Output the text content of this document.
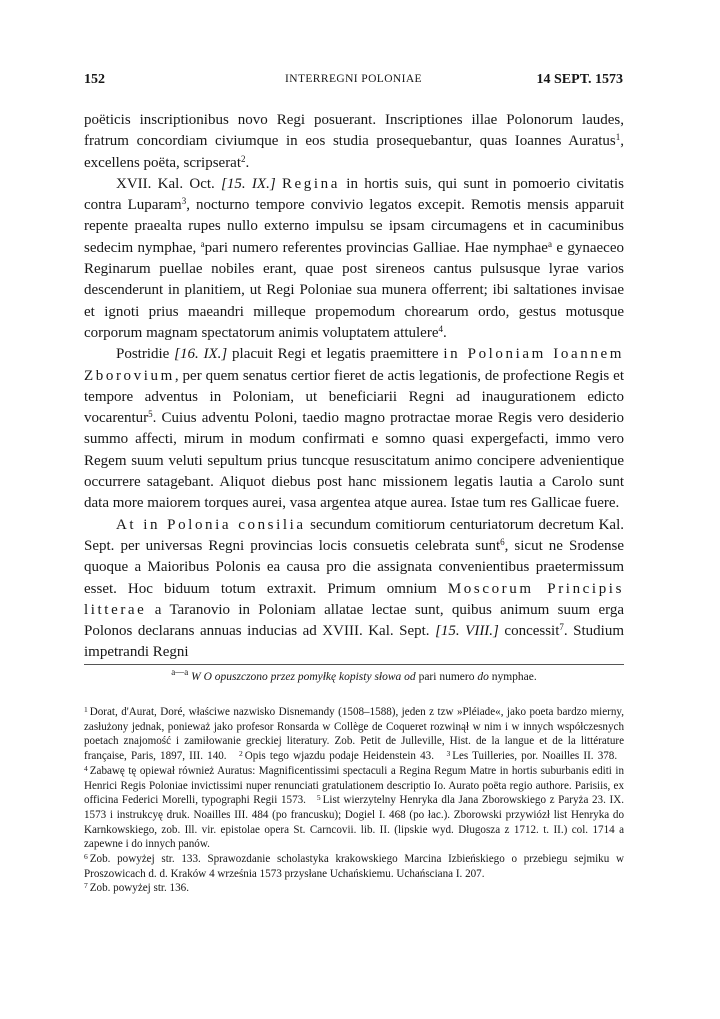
152	INTERREGNI POLONIAE	14 SEPT. 1573

poëticis inscriptionibus novo Regi posuerant. Inscriptiones illae Polonorum laudes, fratrum concordiam civiumque in eos studia prosequebantur, quas Ioannes Auratus$^1$, excellens poëta, scripserat$^2$.

XVII. Kal. Oct. [15. IX.] Regina in hortis suis, qui sunt in pomoerio civitatis contra Luparam$^3$, nocturno tempore convivio legatos excepit. Remotis mensis apparuit repente praealta rupes nullo externo impulsu se ipsam circumagens et in cacuminibus sedecim nymphae, $^a$pari numero referentes provincias Galliae. Hae nymphae$^a$ e gynaeceo Reginarum puellae nobiles erant, quae post sireneos cantus pulsusque lyrae varios descenderunt in planitiem, ut Regi Poloniae sua munera offerrent; ibi saltationes invisae et ignoti prius maeandri milleque propemodum chorearum ordo, gestus motusque corporum magnam spectatorum animis voluptatem attulere$^4$.

Postridie [16. IX.] placuit Regi et legatis praemittere in Poloniam Ioannem Zborovium, per quem senatus certior fieret de actis legationis, de profectione Regis et tempore adventus in Poloniam, ut beneficiarii Regni ad inaugurationem edicto vocarentur$^5$. Cuius adventu Poloni, taedio magno protractae morae Regis vero desiderio summo affecti, mirum in modum confirmati e somno quasi expergefacti, immo vero Regem suum veluti sepultum prius tuncque resuscitatum animo concipere advenientique occurrere satagebant. Aliquot diebus post hanc missionem legatis lautia a Carolo sunt data more maiorem torques aurei, vasa argentea atque aurea. Istae tum res Gallicae fuere.

At in Polonia consilia secundum comitiorum centuriatorum decretum Kal. Sept. per universas Regni provincias locis consuetis celebrata sunt$^6$, sicut ne Srodense quoque a Maioribus Polonis ea causa pro die assignata convenientibus praetermissum esset. Hoc biduum totum extraxit. Primum omnium Moscorum Principis litterae a Taranovio in Poloniam allatae lectae sunt, quibus animum suum erga Polonos declarans annuas inducias ad XVIII. Kal. Sept. [15. VIII.] concessit$^7$. Studium impetrandi Regni

$^{a—a}$ W O opuszczono przez pomyłkę kopisty słowa od pari numero do nymphae.

$^1$ Dorat, d'Aurat, Doré, właściwe nazwisko Disnemandy (1508–1588), jeden z tzw »Pléiade«, jako poeta bardzo mierny, zasłużony jednak, ponieważ jako profesor Ronsarda w Collège de Coqueret rozwinął w nim i w innych współczesnych poetach znajomość i zamiłowanie greckiej literatury. Zob. Petit de Julleville, Hist. de la langue et de la littérature française, Paris, 1897, III. 140. $^2$ Opis tego wjazdu podaje Heidenstein 43. $^3$ Les Tuilleries, por. Noailles II. 378.   $^4$ Zabawę tę opiewał również Auratus: Magnificentissimi spectaculi a Regina Regum Matre in hortis suburbanis editi in Henrici Regis Poloniae invictissimi nuper renunciati gratulationem descriptio Io. Aurato poëta regio authore. Parisiis, ex officina Federici Morelli, typographi Regii 1573. $^5$ List wierzytelny Henryka dla Jana Zborowskiego z Paryża 23. IX. 1573 i instrukcyę druk. Noailles III. 484 (po francusku); Dogiel I. 468 (po łac.). Zborowski przywiózł list Henryka do Karnkowskiego, zob. Ill. vir. epistolae opera St. Carncovii. lib. II. (lipskie wyd. Długosza z 1712. t. II.) col. 1714 a zapewne i do innych panów.

$^6$ Zob. powyżej str. 133. Sprawozdanie scholastyka krakowskiego Marcina Izbieńskiego o przebiegu sejmiku w Proszowicach d. d. Kraków 4 września 1573 przysłane Uchańskiemu. Uchańsciana I. 207.

$^7$ Zob. powyżej str. 136.
